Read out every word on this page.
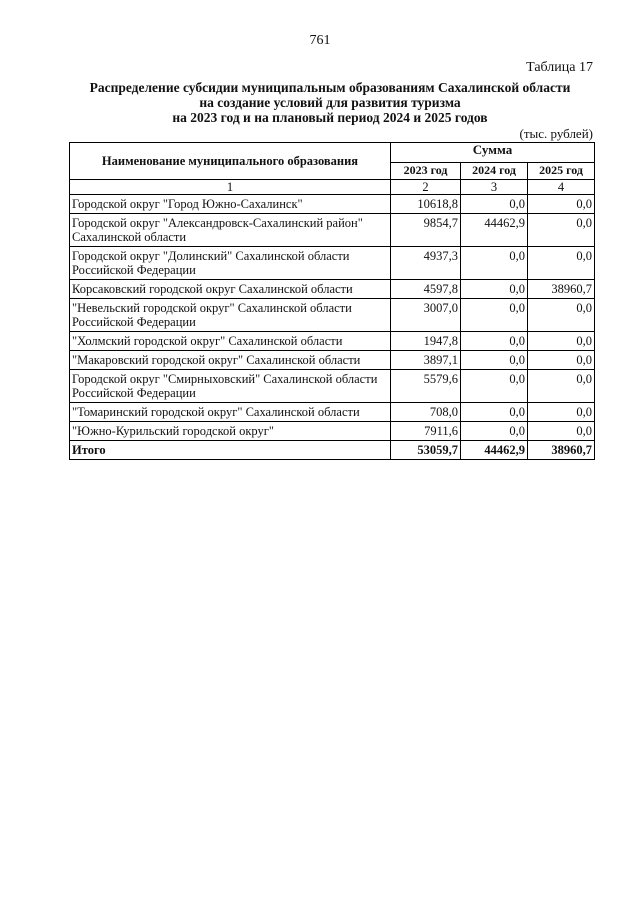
761
Таблица 17
Распределение субсидии муниципальным образованиям Сахалинской области
на создание условий для развития туризма
на 2023 год и на плановый период 2024 и 2025 годов
(тыс. рублей)
Наименование муниципального образования	Сумма		
	2023 год	2024 год	2025 год
1	2	3	4
Городской округ "Город Южно-Сахалинск"	10618,8	0,0	0,0
Городской округ "Александровск-Сахалинский район" Сахалинской области	9854,7	44462,9	0,0
Городской округ "Долинский" Сахалинской области Российской Федерации	4937,3	0,0	0,0
Корсаковский городской округ Сахалинской области	4597,8	0,0	38960,7
"Невельский городской округ" Сахалинской области Российской Федерации	3007,0	0,0	0,0
"Холмский городской округ" Сахалинской области	1947,8	0,0	0,0
"Макаровский городской округ" Сахалинской области	3897,1	0,0	0,0
Городской округ "Смирныховский" Сахалинской области Российской Федерации	5579,6	0,0	0,0
"Томаринский городской округ" Сахалинской области	708,0	0,0	0,0
"Южно-Курильский городской округ"	7911,6	0,0	0,0
Итого	53059,7	44462,9	38960,7
